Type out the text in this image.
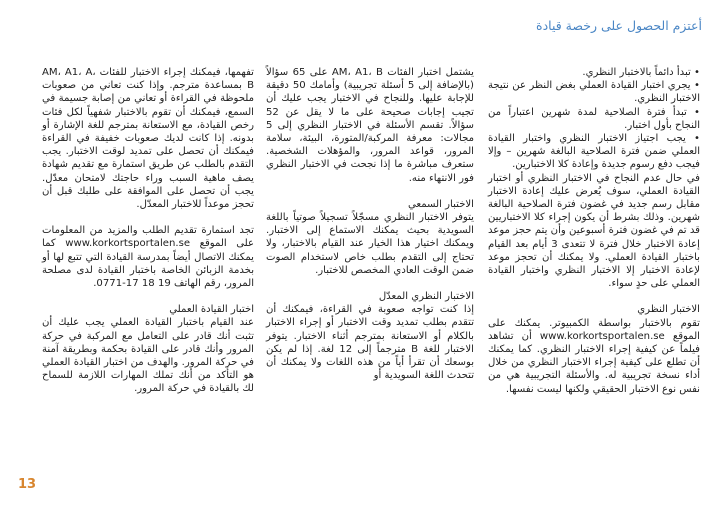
أعتزم الحصول على رخصة قيادة
• تبدأ دائماً بالاختبار النظري.
• يجري اختبار القيادة العملي بغض النظر عن نتيجة الاختبار النظري.
• تبدأ فترة الصلاحية لمدة شهرين اعتباراً من النجاح بأول اختبار.
• يجب اجتياز الاختبار النظري واختبار القيادة العملي ضمن فترة الصلاحية البالغة شهرين – وإلا فيجب دفع رسوم جديدة وإعادة كلا الاختبارين.

في حال عدم النجاح في الاختبار النظري أو اختبار القيادة العملي، سوف يُعرض عليك إعادة الاختبار مقابل رسم جديد في غضون فترة الصلاحية البالغة شهرين. وذلك بشرط أن يكون إجراء كلا الاختباريين قد تم في غضون فترة أسبوعين وأن يتم حجز موعد إعادة الاختبار خلال فترة لا تتعدى 3 أيام بعد القيام باختبار القيادة العملي. ولا يمكنك أن تحجز موعد لإعادة الاختبار إلا الاختبار النظري واختبار القيادة العملي على حدٍ سواء.

الاختبار النظري

تقوم بالاختبار بواسطة الكمبيوتر. يمكنك على الموقع www.korkortsportalen.se أن تشاهد فيلماً عن كيفية إجراء الاختبار النظري. كما يمكنك أن تطلع على كيفية إجراء الاختبار النظري من خلال أداء نسخة تجريبية له. والأسئلة التجريبية هي من نفس نوع الاختبار الحقيقي ولكنها ليست نفسها.

يشتمل اختبار الفئات AM، A1، B على 65 سؤالاً (بالإضافة إلى 5 أسئلة تجريبية) وأمامك 50 دقيقة للإجابة عليها. وللنجاح في الاختبار يجب عليك أن تجيب إجابات صحيحة على ما لا يقل عن 52 سؤالاً. تقسم الأسئلة في الاختبار النظري إلى 5 مجالات: معرفة المركبة/المتورة، البيئة، سلامة المرور، قواعد المرور، والمؤهلات الشخصية. ستعرف مباشرة ما إذا نجحت في الاختبار النظري فور الانتهاء منه.

الاختبار السمعي

يتوفر الاختبار النظري مسجّلاً تسجيلاً صوتياً باللغة السويدية بحيث يمكنك الاستماع إلى الاختبار. ويمكنك اختيار هذا الخيار عند القيام بالاختبار، ولا تحتاج إلى التقدم بطلب خاص لاستخدام الصوت ضمن الوقت العادي المخصص للاختبار.

الاختبار النظري المعدّل

إذا كنت تواجه صعوبة في القراءة، فيمكنك أن تتقدم بطلب تمديد وقت الاختبار أو إجراء الاختبار بالكلام أو الاستعانة بمترجم أثناء الاختبار. يتوفر الاختبار للغة B مترجماً إلى 12 لغة. إذا لم يكن بوسعك أن تقرأ أياً من هذه اللغات ولا يمكنك أن تتحدث اللغة السويدية أو

تفهمها، فيمكنك إجراء الاختبار للفئات AM، A1، A، B بمساعدة مترجم. وإذا كنت تعاني من صعوبات ملحوظة في القراءة أو تعاني من إصابة جسيمة في السمع، فيمكنك أن تقوم بالاختبار شفهياً لكل فئات رخص القيادة، مع الاستعانة بمترجم للغة الإشارة أو بدونه. إذا كانت لديك صعوبات خفيفة في القراءة فيمكنك أن تحصل على تمديد لوقت الاختبار. يجب التقدم بالطلب عن طريق استمارة مع تقديم شهادة يصف ماهية السبب وراء حاجتك لامتحان معدّل. يجب أن تحصل على الموافقة على طلبك قبل أن تحجز موعداً للاختبار المعدّل.

تجد استمارة تقديم الطلب والمزيد من المعلومات على الموقع www.korkortsportalen.se كما يمكنك الاتصال أيضاً بمدرسة القيادة التي تتبع لها أو بخدمة الزبائن الخاصة باختبار القيادة لدى مصلحة المرور، رقم الهاتف 19 18 17-0771.

اختبار القيادة العملي

عند القيام باختبار القيادة العملي يجب عليك أن تثبت أنك قادر على التعامل مع المركبة في حركة المرور وأنك قادر على القيادة بحكمة وبطريقة آمنة في حركة المرور. والهدف من اختبار القيادة العملي هو التأكد من أنك تملك المهارات اللازمة للسماح لك بالقيادة في حركة المرور.

13
